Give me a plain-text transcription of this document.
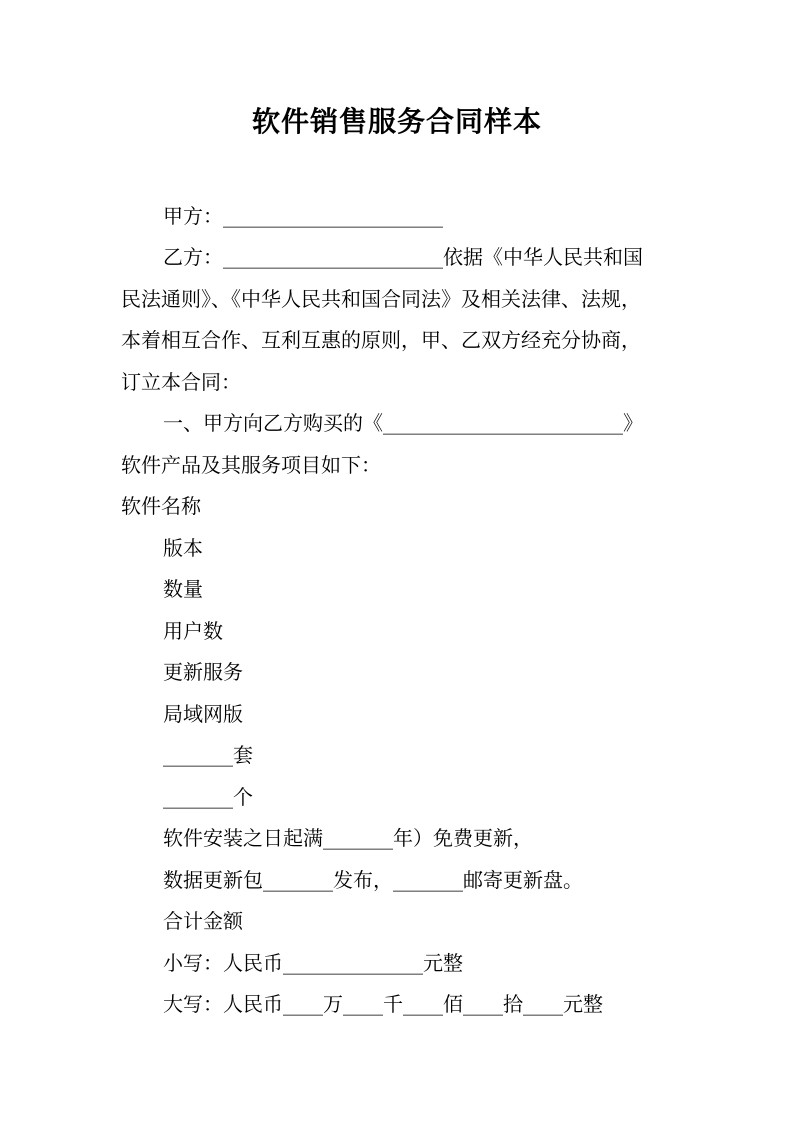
软件销售服务合同样本
甲方：______________________
乙方：______________________依据《中华人民共和国
民法通则》、《中华人民共和国合同法》及相关法律、法规，
本着相互合作、互利互惠的原则，甲、乙双方经充分协商，
订立本合同：
一、甲方向乙方购买的《________________________》
软件产品及其服务项目如下：
软件名称
版本
数量
用户数
更新服务
局域网版
_______套
_______个
软件安装之日起满_______年）免费更新，
数据更新包_______发布，_______邮寄更新盘。
合计金额
小写：人民币______________元整
大写：人民币____万____千____佰____拾____元整
